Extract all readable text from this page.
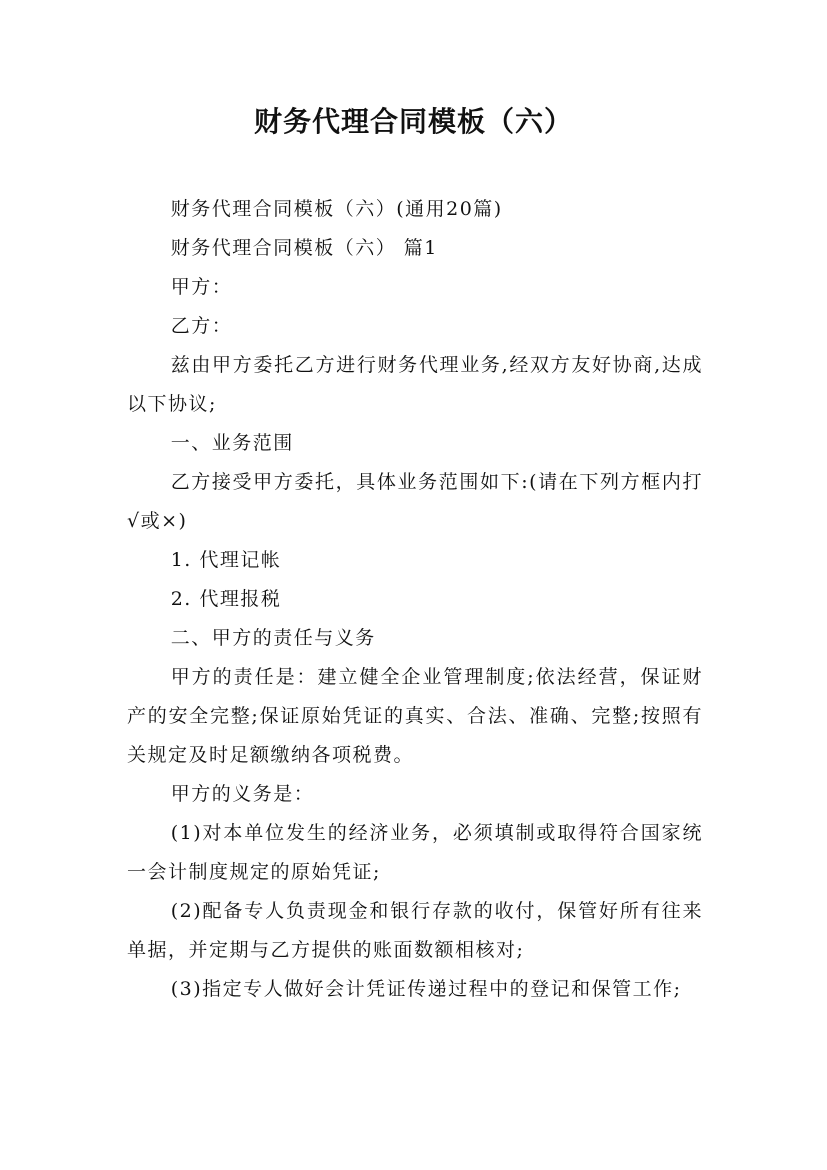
财务代理合同模板（六）

财务代理合同模板（六）(通用20篇)

财务代理合同模板（六） 篇1

甲方：

乙方：

兹由甲方委托乙方进行财务代理业务,经双方友好协商,达成以下协议;

一、业务范围

乙方接受甲方委托，具体业务范围如下:(请在下列方框内打√或×)

1. 代理记帐

2. 代理报税

二、甲方的责任与义务

甲方的责任是：建立健全企业管理制度;依法经营，保证财产的安全完整;保证原始凭证的真实、合法、准确、完整;按照有关规定及时足额缴纳各项税费。

甲方的义务是：

(1)对本单位发生的经济业务，必须填制或取得符合国家统一会计制度规定的原始凭证;

(2)配备专人负责现金和银行存款的收付，保管好所有往来单据，并定期与乙方提供的账面数额相核对;

(3)指定专人做好会计凭证传递过程中的登记和保管工作;
